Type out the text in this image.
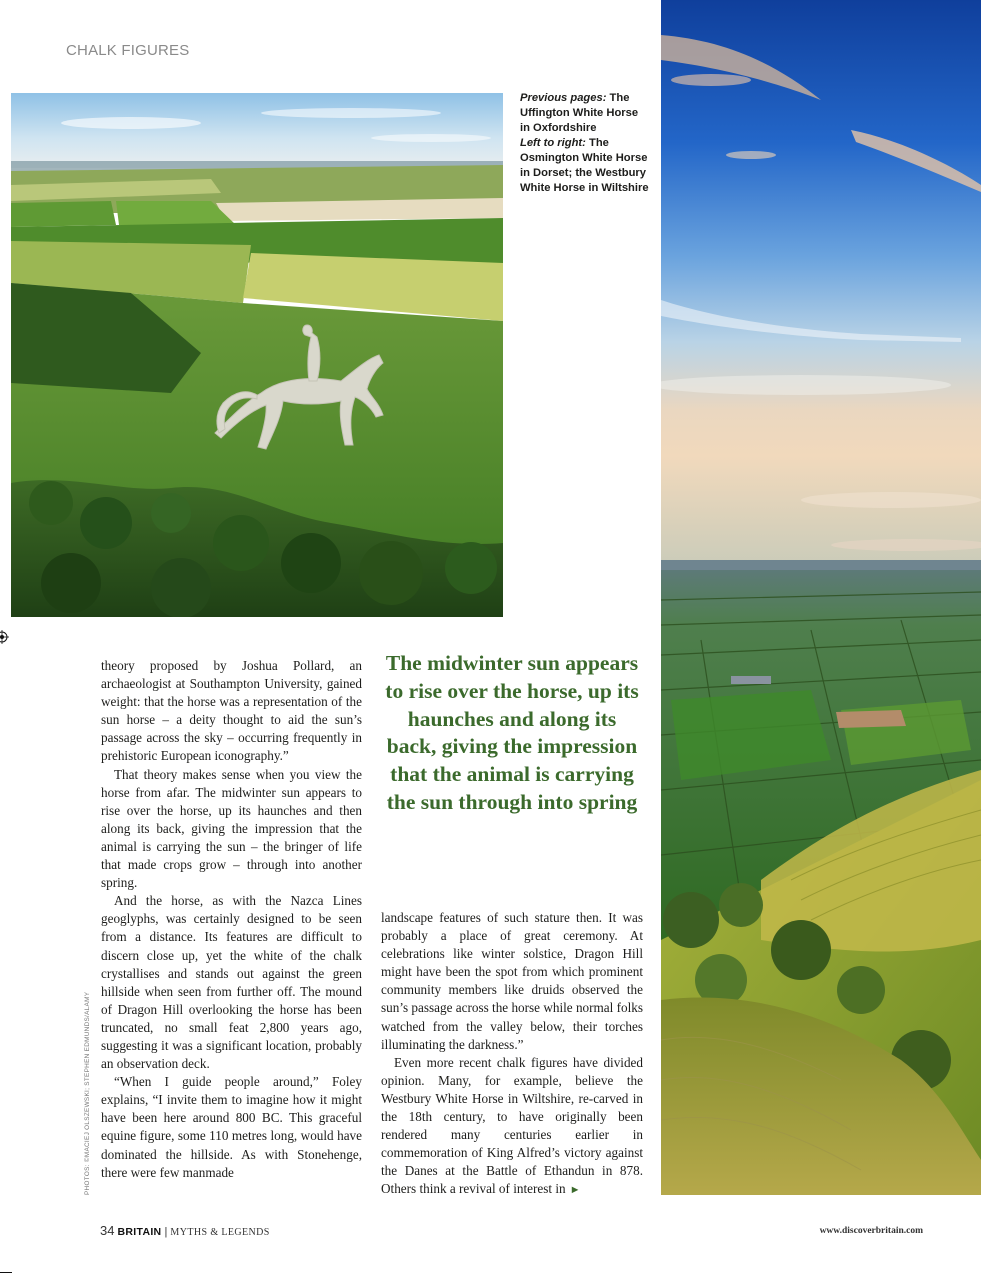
CHALK FIGURES
Previous pages: The Uffington White Horse in Oxfordshire
Left to right: The Osmington White Horse in Dorset; the Westbury White Horse in Wiltshire

theory proposed by Joshua Pollard, an archaeologist at Southampton University, gained weight: that the horse was a representation of the sun horse – a deity thought to aid the sun’s passage across the sky – occurring frequently in prehistoric European iconography.”

That theory makes sense when you view the horse from afar. The midwinter sun appears to rise over the horse, up its haunches and then along its back, giving the impression that the animal is carrying the sun – the bringer of life that made crops grow – through into another spring.

And the horse, as with the Nazca Lines geoglyphs, was certainly designed to be seen from a distance. Its features are difficult to discern close up, yet the white of the chalk crystallises and stands out against the green hillside when seen from further off. The mound of Dragon Hill overlooking the horse has been truncated, no small feat 2,800 years ago, suggesting it was a significant location, probably an observation deck.

“When I guide people around,” Foley explains, “I invite them to imagine how it might have been here around 800 BC. This graceful equine figure, some 110 metres long, would have dominated the hillside. As with Stonehenge, there were few manmade

The midwinter sun appears to rise over the horse, up its haunches and along its back, giving the impression that the animal is carrying the sun through into spring

landscape features of such stature then. It was probably a place of great ceremony. At celebrations like winter solstice, Dragon Hill might have been the spot from which prominent community members like druids observed the sun’s passage across the horse while normal folks watched from the valley below, their torches illuminating the darkness.”

Even more recent chalk figures have divided opinion. Many, for example, believe the Westbury White Horse in Wiltshire, re-carved in the 18th century, to have originally been rendered many centuries earlier in commemoration of King Alfred’s victory against the Danes at the Battle of Ethandun in 878. Others think a revival of interest in ►

PHOTOS: ©MACIEJ OLSZEWSKI; STEPHEN EDMUNDS/ALAMY
34 BRITAIN | MYTHS & LEGENDS	www.discoverbritain.com
